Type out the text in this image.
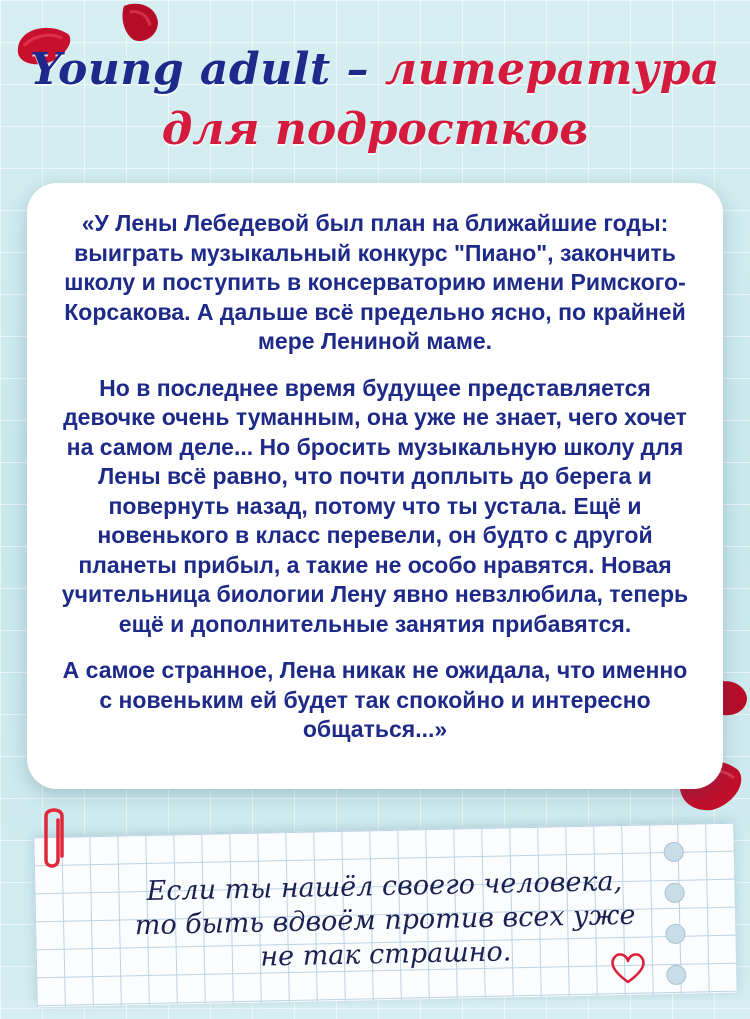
Young adult – литература
для подростков

«У Лены Лебедевой был план на ближайшие годы: выиграть музыкальный конкурс "Пиано", закончить школу и поступить в консерваторию имени Римского-Корсакова. А дальше всё предельно ясно, по крайней мере Лениной маме.

Но в последнее время будущее представляется девочке очень туманным, она уже не знает, чего хочет на самом деле... Но бросить музыкальную школу для Лены всё равно, что почти доплыть до берега и повернуть назад, потому что ты устала. Ещё и новенького в класс перевели, он будто с другой планеты прибыл, а такие не особо нравятся. Новая учительница биологии Лену явно невзлюбила, теперь ещё и дополнительные занятия прибавятся.

А самое странное, Лена никак не ожидала, что именно с новеньким ей будет так спокойно и интересно общаться...»

Если ты нашёл своего человека,
то быть вдвоём против всех уже
не так страшно.
